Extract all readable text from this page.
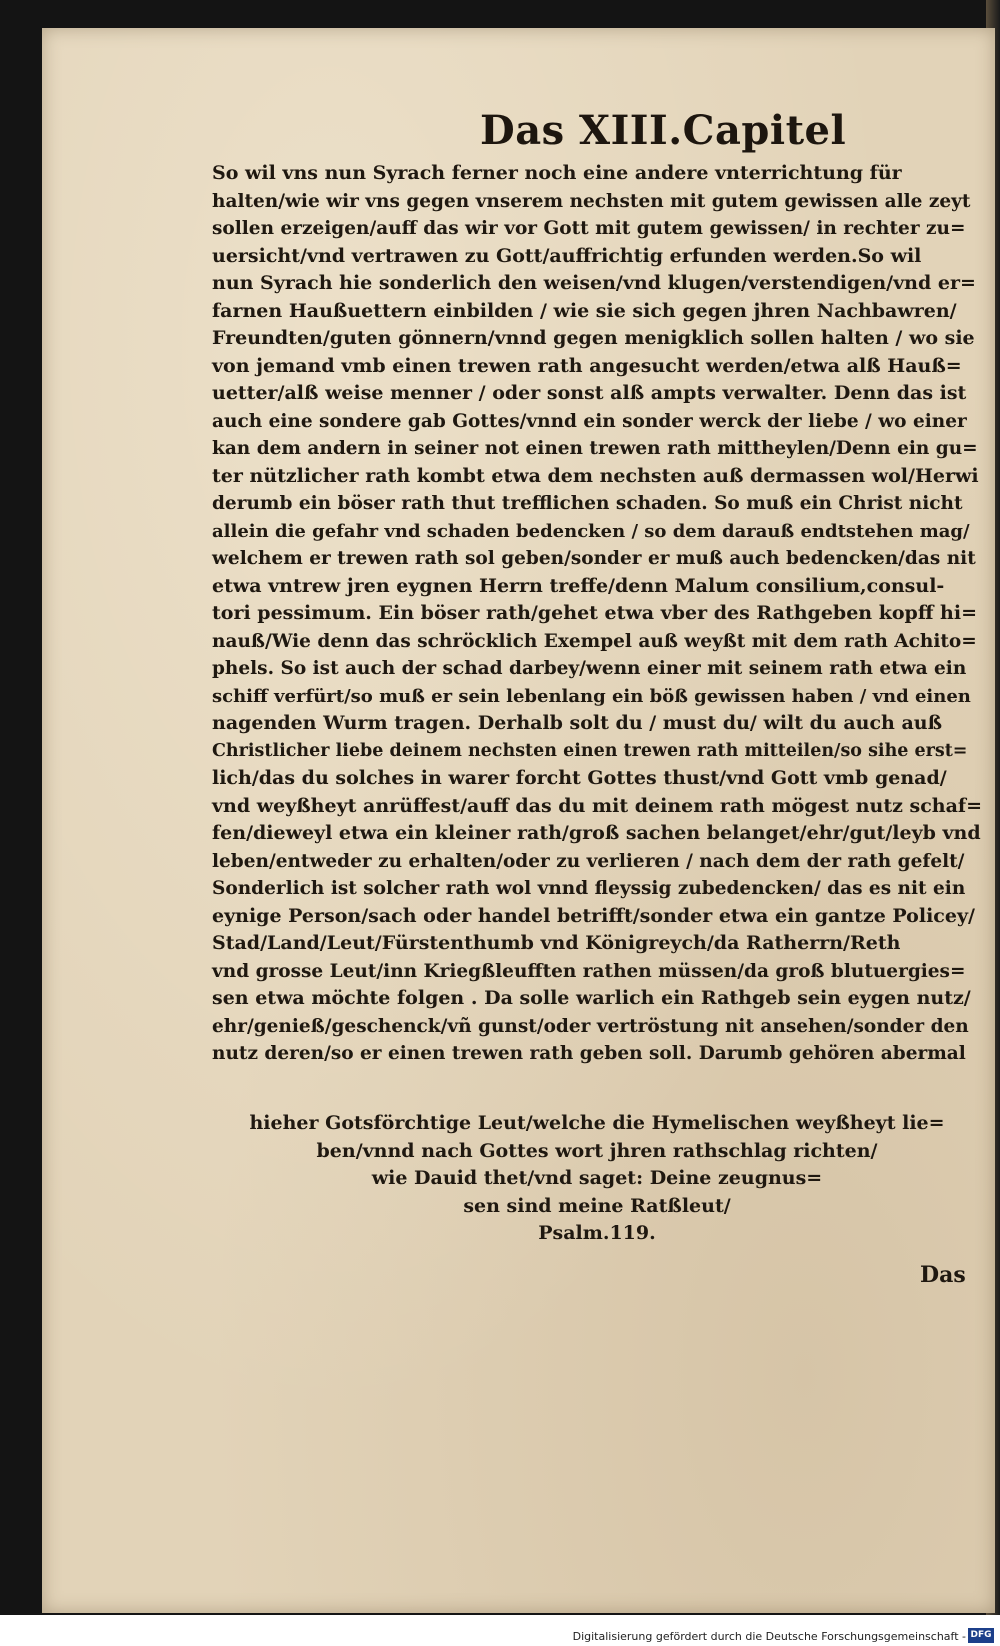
Das XIII.Capitel
So wil vns nun Syrach ferner noch eine andere vnterrichtung für
halten/wie wir vns gegen vnserem nechsten mit gutem gewissen alle zeyt
sollen erzeigen/auff das wir vor Gott mit gutem gewissen/ in rechter zu=
uersicht/vnd vertrawen zu Gott/auffrichtig erfunden werden.So wil
nun Syrach hie sonderlich den weisen/vnd klugen/verstendigen/vnd er=
farnen Haußuettern einbilden / wie sie sich gegen jhren Nachbawren/
Freundten/guten gönnern/vnnd gegen menigklich sollen halten / wo sie
von jemand vmb einen trewen rath angesucht werden/etwa alß Hauß=
uetter/alß weise menner / oder sonst alß ampts verwalter. Denn das ist
auch eine sondere gab Gottes/vnnd ein sonder werck der liebe / wo einer
kan dem andern in seiner not einen trewen rath mittheylen/Denn ein gu=
ter nützlicher rath kombt etwa dem nechsten auß dermassen wol/Herwi
derumb ein böser rath thut trefflichen schaden. So muß ein Christ nicht
allein die gefahr vnd schaden bedencken / so dem darauß endtstehen mag/
welchem er trewen rath sol geben/sonder er muß auch bedencken/das nit
etwa vntrew jren eygnen Herrn treffe/denn Malum consilium,consul-
tori pessimum. Ein böser rath/gehet etwa vber des Rathgeben kopff hi=
nauß/Wie denn das schröcklich Exempel auß weyßt mit dem rath Achito=
phels. So ist auch der schad darbey/wenn einer mit seinem rath etwa ein
schiff verfürt/so muß er sein lebenlang ein böß gewissen haben / vnd einen
nagenden Wurm tragen. Derhalb solt du / must du/ wilt du auch auß
Christlicher liebe deinem nechsten einen trewen rath mitteilen/so sihe erst=
lich/das du solches in warer forcht Gottes thust/vnd Gott vmb genad/
vnd weyßheyt anrüffest/auff das du mit deinem rath mögest nutz schaf=
fen/dieweyl etwa ein kleiner rath/groß sachen belanget/ehr/gut/leyb vnd
leben/entweder zu erhalten/oder zu verlieren / nach dem der rath gefelt/
Sonderlich ist solcher rath wol vnnd fleyssig zubedencken/ das es nit ein
eynige Person/sach oder handel betrifft/sonder etwa ein gantze Policey/
Stad/Land/Leut/Fürstenthumb vnd Königreych/da Ratherrn/Reth
vnd grosse Leut/inn Kriegßleufften rathen müssen/da groß blutuergies=
sen etwa möchte folgen . Da solle warlich ein Rathgeb sein eygen nutz/
ehr/genieß/geschenck/vñ gunst/oder vertröstung nit ansehen/sonder den
nutz deren/so er einen trewen rath geben soll. Darumb gehören abermal
hieher Gotsförchtige Leut/welche die Hymelischen weyßheyt lie=
ben/vnnd nach Gottes wort jhren rathschlag richten/
wie Dauid thet/vnd saget: Deine zeugnus=
sen sind meine Ratßleut/
Psalm.119.
Das
Digitalisierung gefördert durch die Deutsche Forschungsgemeinschaft - DFG
